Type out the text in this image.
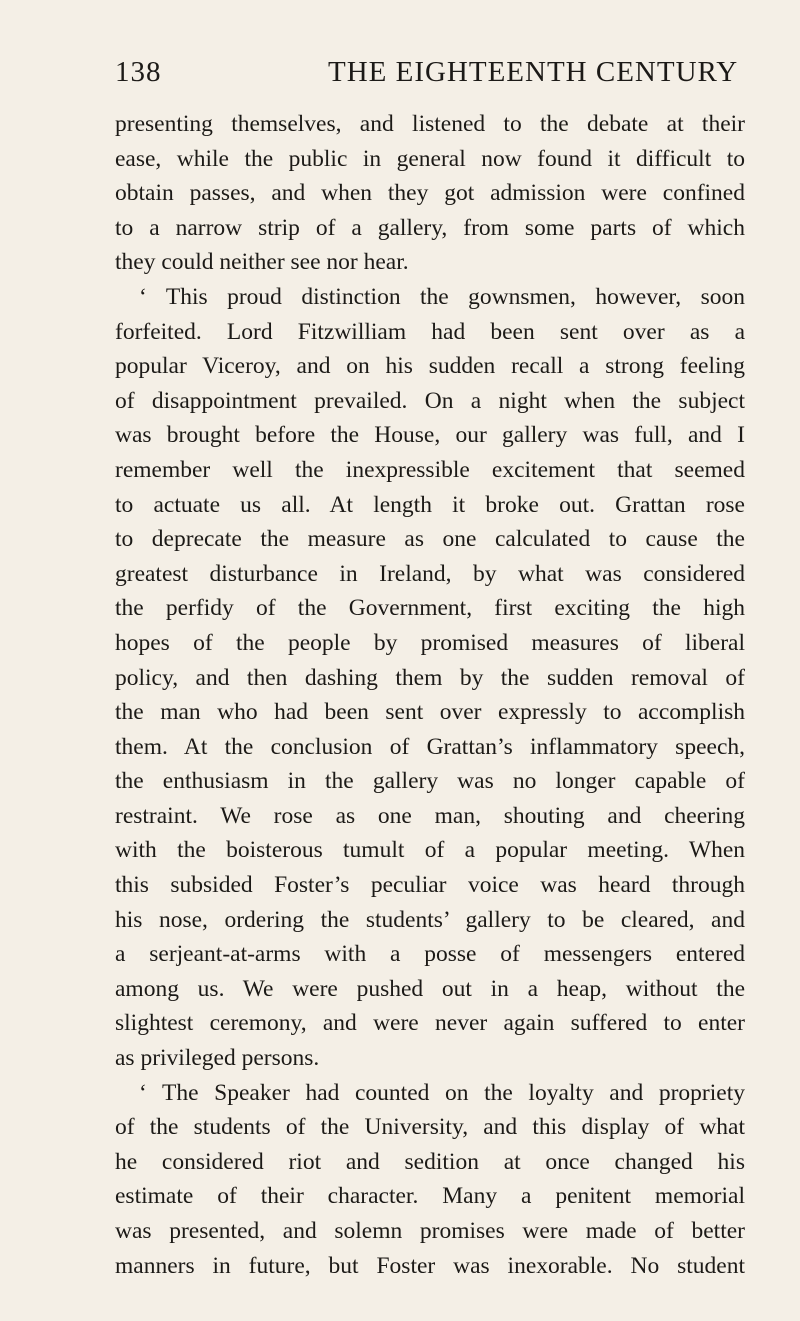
138	THE EIGHTEENTH CENTURY
presenting themselves, and listened to the debate at their
ease, while the public in general now found it difficult to
obtain passes, and when they got admission were confined
to a narrow strip of a gallery, from some parts of which
they could neither see nor hear.
‘ This proud distinction the gownsmen, however, soon
forfeited. Lord Fitzwilliam had been sent over as a
popular Viceroy, and on his sudden recall a strong feeling
of disappointment prevailed. On a night when the subject
was brought before the House, our gallery was full, and I
remember well the inexpressible excitement that seemed
to actuate us all. At length it broke out. Grattan rose
to deprecate the measure as one calculated to cause the
greatest disturbance in Ireland, by what was considered
the perfidy of the Government, first exciting the high
hopes of the people by promised measures of liberal
policy, and then dashing them by the sudden removal of
the man who had been sent over expressly to accomplish
them. At the conclusion of Grattan’s inflammatory speech,
the enthusiasm in the gallery was no longer capable of
restraint. We rose as one man, shouting and cheering
with the boisterous tumult of a popular meeting. When
this subsided Foster’s peculiar voice was heard through
his nose, ordering the students’ gallery to be cleared, and
a serjeant-at-arms with a posse of messengers entered
among us. We were pushed out in a heap, without the
slightest ceremony, and were never again suffered to enter
as privileged persons.
‘ The Speaker had counted on the loyalty and propriety
of the students of the University, and this display of what
he considered riot and sedition at once changed his
estimate of their character. Many a penitent memorial
was presented, and solemn promises were made of better
manners in future, but Foster was inexorable. No student
